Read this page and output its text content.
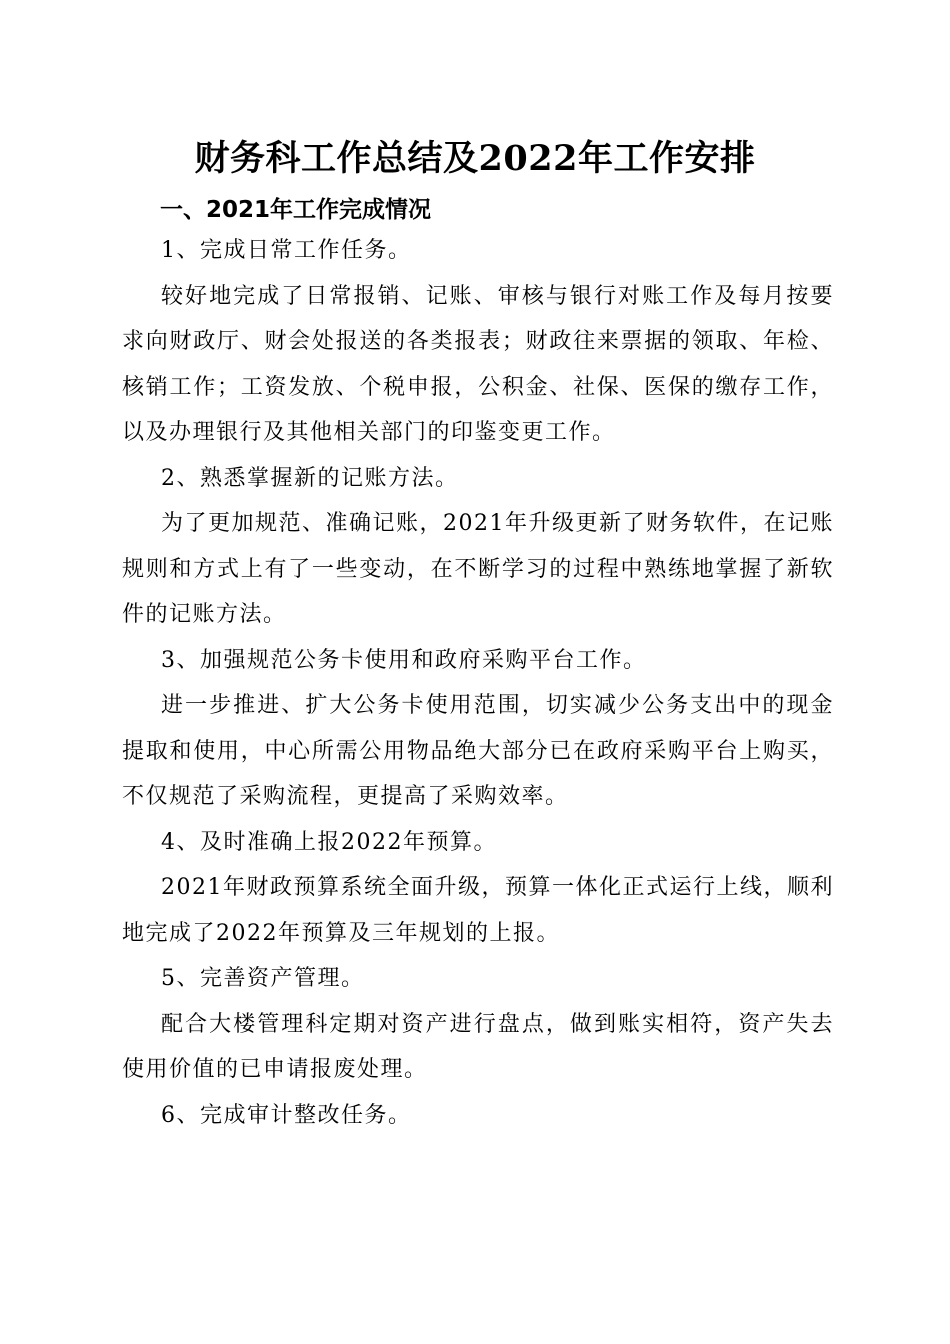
财务科工作总结及2022年工作安排
一、2021年工作完成情况

1、完成日常工作任务。

较好地完成了日常报销、记账、审核与银行对账工作及每月按要求向财政厅、财会处报送的各类报表；财政往来票据的领取、年检、核销工作；工资发放、个税申报，公积金、社保、医保的缴存工作，以及办理银行及其他相关部门的印鉴变更工作。

2、熟悉掌握新的记账方法。

为了更加规范、准确记账，2021年升级更新了财务软件，在记账规则和方式上有了一些变动，在不断学习的过程中熟练地掌握了新软件的记账方法。

3、加强规范公务卡使用和政府采购平台工作。

进一步推进、扩大公务卡使用范围，切实减少公务支出中的现金提取和使用，中心所需公用物品绝大部分已在政府采购平台上购买，不仅规范了采购流程，更提高了采购效率。

4、及时准确上报2022年预算。

2021年财政预算系统全面升级，预算一体化正式运行上线，顺利地完成了2022年预算及三年规划的上报。

5、完善资产管理。

配合大楼管理科定期对资产进行盘点，做到账实相符，资产失去使用价值的已申请报废处理。

6、完成审计整改任务。
